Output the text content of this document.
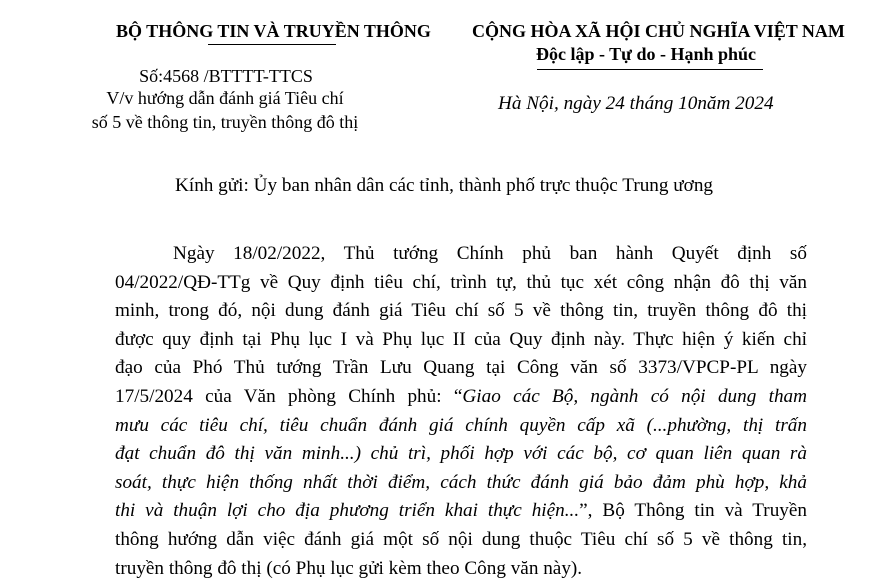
BỘ THÔNG TIN VÀ TRUYỀN THÔNG
Số:4568 /BTTTT-TTCS
V/v hướng dẫn đánh giá Tiêu chí
số 5 về thông tin, truyền thông đô thị
CỘNG HÒA XÃ HỘI CHỦ NGHĨA VIỆT NAM
Độc lập - Tự do - Hạnh phúc
Hà Nội, ngày 24 tháng 10năm 2024
Kính gửi: Ủy ban nhân dân các tỉnh, thành phố trực thuộc Trung ương
Ngày 18/02/2022, Thủ tướng Chính phủ ban hành Quyết định số
04/2022/QĐ-TTg về Quy định tiêu chí, trình tự, thủ tục xét công nhận đô thị văn
minh, trong đó, nội dung đánh giá Tiêu chí số 5 về thông tin, truyền thông đô thị
được quy định tại Phụ lục I và Phụ lục II của Quy định này. Thực hiện ý kiến chỉ
đạo của Phó Thủ tướng Trần Lưu Quang tại Công văn số 3373/VPCP-PL ngày
17/5/2024 của Văn phòng Chính phủ: “Giao các Bộ, ngành có nội dung tham
mưu các tiêu chí, tiêu chuẩn đánh giá chính quyền cấp xã (...phường, thị trấn
đạt chuẩn đô thị văn minh...) chủ trì, phối hợp với các bộ, cơ quan liên quan rà
soát, thực hiện thống nhất thời điểm, cách thức đánh giá bảo đảm phù hợp, khả
thi và thuận lợi cho địa phương triển khai thực hiện...”, Bộ Thông tin và Truyền
thông hướng dẫn việc đánh giá một số nội dung thuộc Tiêu chí số 5 về thông tin,
truyền thông đô thị (có Phụ lục gửi kèm theo Công văn này).
